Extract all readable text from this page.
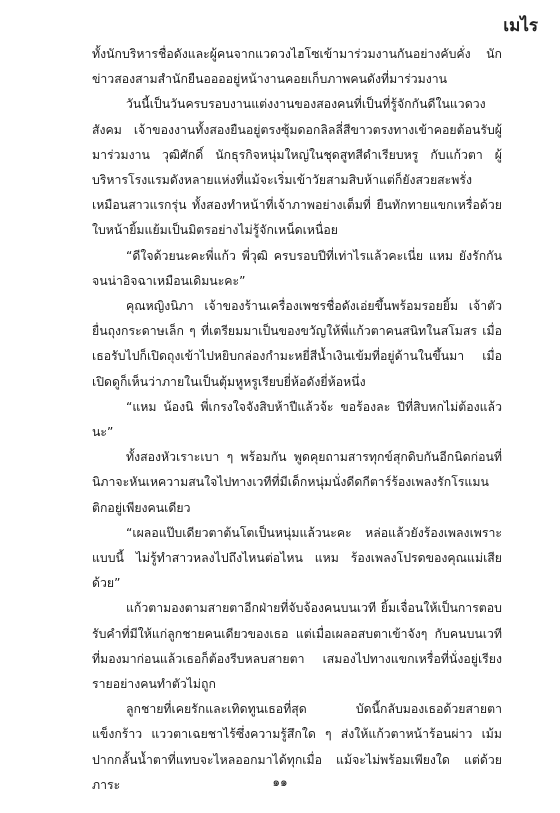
เมไร

ทั้งนักบริหารชื่อดังและผู้คนจากแวดวงไฮโซเข้ามาร่วมงานกันอย่างคับคั่ง นักข่าวสองสามสำนักยืนออออยู่หน้างานคอยเก็บภาพคนดังที่มาร่วมงาน

วันนี้เป็นวันครบรอบงานแต่งงานของสองคนที่เป็นที่รู้จักกันดีในแวดวงสังคม เจ้าของงานทั้งสองยืนอยู่ตรงซุ้มดอกลิลลี่สีขาวตรงทางเข้าคอยต้อนรับผู้มาร่วมงาน วุฒิศักดิ์ นักธุรกิจหนุ่มใหญ่ในชุดสูทสีดำเรียบหรู กับแก้วตา ผู้บริหารโรงแรมดังหลายแห่งที่แม้จะเริ่มเข้าวัยสามสิบห้าแต่ก็ยังสวยสะพรั่งเหมือนสาวแรกรุ่น ทั้งสองทำหน้าที่เจ้าภาพอย่างเต็มที่ ยืนทักทายแขกเหรื่อด้วยใบหน้ายิ้มแย้มเป็นมิตรอย่างไม่รู้จักเหน็ดเหนื่อย

“ดีใจด้วยนะคะพี่แก้ว พี่วุฒิ ครบรอบปีที่เท่าไรแล้วคะเนี่ย แหม ยังรักกันจนน่าอิจฉาเหมือนเดิมนะคะ”

คุณหญิงนิภา เจ้าของร้านเครื่องเพชรชื่อดังเอ่ยขึ้นพร้อมรอยยิ้ม เจ้าตัวยื่นถุงกระดาษเล็ก ๆ ที่เตรียมมาเป็นของขวัญให้พี่แก้วตาคนสนิทในสโมสร เมื่อเธอรับไปก็เปิดถุงเข้าไปหยิบกล่องกำมะหยี่สีน้ำเงินเข้มที่อยู่ด้านในขึ้นมา เมื่อเปิดดูก็เห็นว่าภายในเป็นตุ้มหูหรูเรียบยี่ห้อดังยี่ห้อหนึ่ง

“แหม น้องนิ พี่เกรงใจจังสิบห้าปีแล้วจ้ะ ขอร้องละ ปีที่สิบหกไม่ต้องแล้วนะ”

ทั้งสองหัวเราะเบา ๆ พร้อมกัน พูดคุยถามสารทุกข์สุกดิบกันอีกนิดก่อนที่นิภาจะหันเหความสนใจไปทางเวทีที่มีเด็กหนุ่มนั่งดีดกีตาร์ร้องเพลงรักโรแมนติกอยู่เพียงคนเดียว

“เผลอแป๊บเดียวตาต้นโตเป็นหนุ่มแล้วนะคะ หล่อแล้วยังร้องเพลงเพราะแบบนี้ ไม่รู้ทำสาวหลงไปถึงไหนต่อไหน แหม ร้องเพลงโปรดของคุณแม่เสียด้วย”

แก้วตามองตามสายตาอีกฝ่ายที่จับจ้องคนบนเวที ยิ้มเจื่อนให้เป็นการตอบรับคำที่มีให้แก่ลูกชายคนเดียวของเธอ แต่เมื่อเผลอสบตาเข้าจังๆ กับคนบนเวทีที่มองมาก่อนแล้วเธอก็ต้องรีบหลบสายตา เสมองไปทางแขกเหรื่อที่นั่งอยู่เรียงรายอย่างคนทำตัวไม่ถูก

ลูกชายที่เคยรักและเทิดทูนเธอที่สุด บัดนี้กลับมองเธอด้วยสายตาแข็งกร้าว แววตาเฉยชาไร้ซึ่งความรู้สึกใด ๆ ส่งให้แก้วตาหน้าร้อนผ่าว เม้มปากกลั้นน้ำตาที่แทบจะไหลออกมาได้ทุกเมื่อ แม้จะไม่พร้อมเพียงใด แต่ด้วยภาระ	๑๑
